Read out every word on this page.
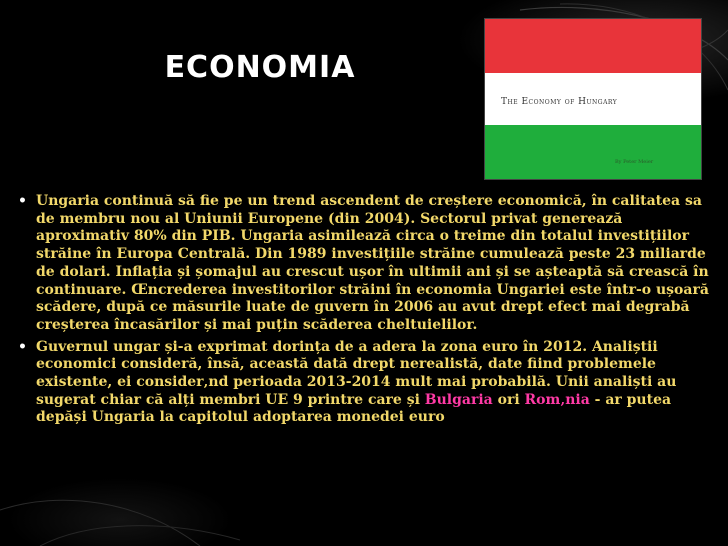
ECONOMIA
The Economy of Hungary
By Peter Meier
• Ungaria continuă să fie pe un trend ascendent de creștere economică, în calitatea sa de membru nou al Uniunii Europene (din 2004). Sectorul privat generează aproximativ 80% din PIB. Ungaria asimilează circa o treime din totalul investițiilor străine în Europa Centrală. Din 1989 investițiile străine cumulează peste 23 miliarde de dolari. Inflația și șomajul au crescut ușor în ultimii ani și se așteaptă să crească în continuare. Œncrederea investitorilor străini în economia Ungariei este într-o ușoară scădere, după ce măsurile luate de guvern în 2006 au avut drept efect mai degrabă creșterea încasărilor și mai puțin scăderea cheltuielilor.
• Guvernul ungar și-a exprimat dorința de a adera la zona euro în 2012. Analiștii economici consideră, însă, această dată drept nerealistă, date fiind problemele existente, ei consider‚nd perioada 2013-2014 mult mai probabilă. Unii analiști au sugerat chiar că alți membri UE 9 printre care și Bulgaria ori Rom‚nia - ar putea depăși Ungaria la capitolul adoptarea monedei euro
